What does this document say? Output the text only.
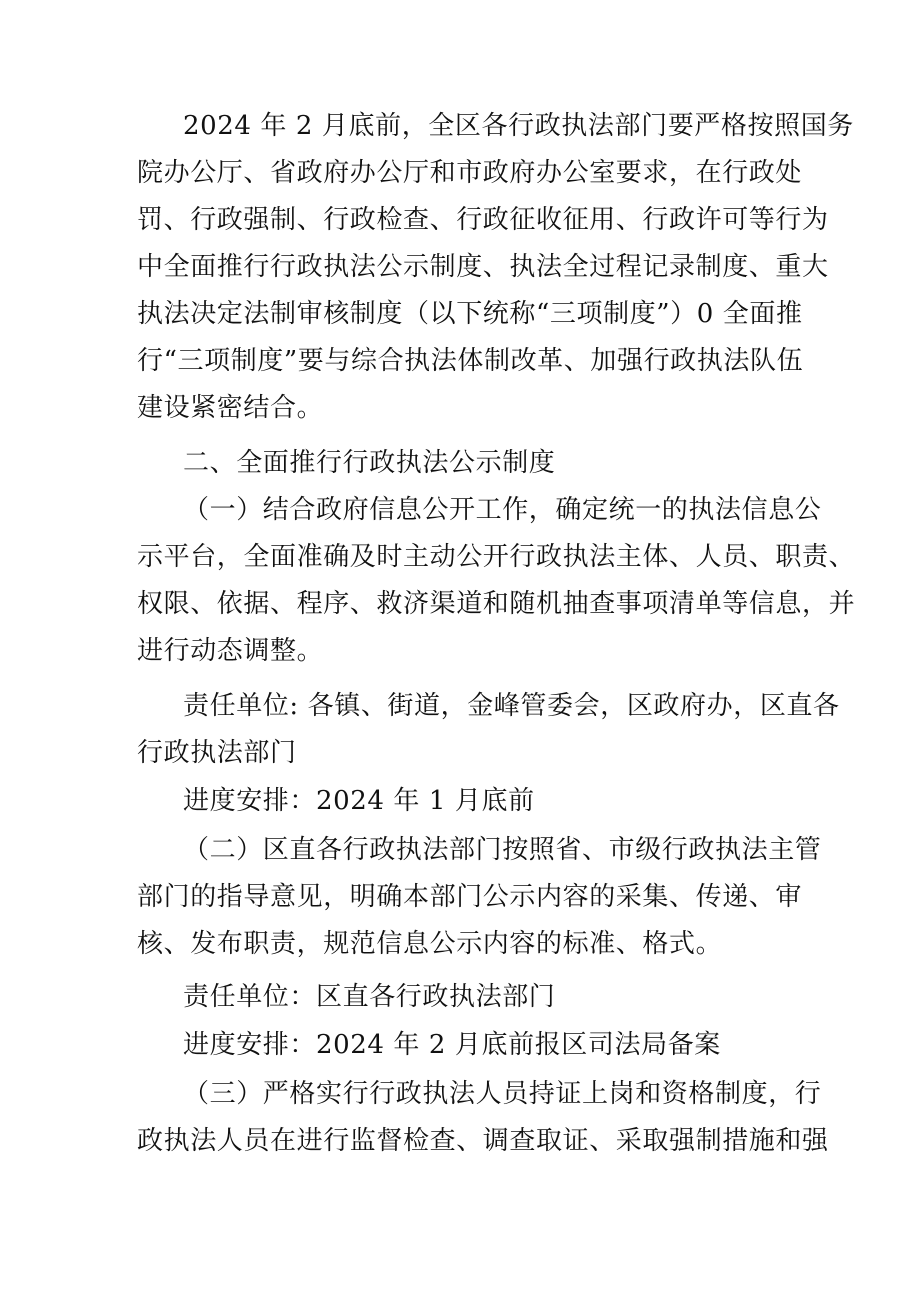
2024 年 2 月底前，全区各行政执法部门要严格按照国务
院办公厅、省政府办公厅和市政府办公室要求，在行政处
罚、行政强制、行政检查、行政征收征用、行政许可等行为
中全面推行行政执法公示制度、执法全过程记录制度、重大
执法决定法制审核制度（以下统称“三项制度”）0 全面推
行“三项制度”要与综合执法体制改革、加强行政执法队伍
建设紧密结合。
二、全面推行行政执法公示制度
（一）结合政府信息公开工作，确定统一的执法信息公
示平台，全面准确及时主动公开行政执法主体、人员、职责、
权限、依据、程序、救济渠道和随机抽查事项清单等信息，并
进行动态调整。
责任单位: 各镇、街道，金峰管委会，区政府办，区直各
行政执法部门
进度安排：2024 年 1 月底前
（二）区直各行政执法部门按照省、市级行政执法主管
部门的指导意见，明确本部门公示内容的采集、传递、审
核、发布职责，规范信息公示内容的标准、格式。
责任单位：区直各行政执法部门
进度安排：2024 年 2 月底前报区司法局备案
（三）严格实行行政执法人员持证上岗和资格制度，行
政执法人员在进行监督检查、调查取证、采取强制措施和强
